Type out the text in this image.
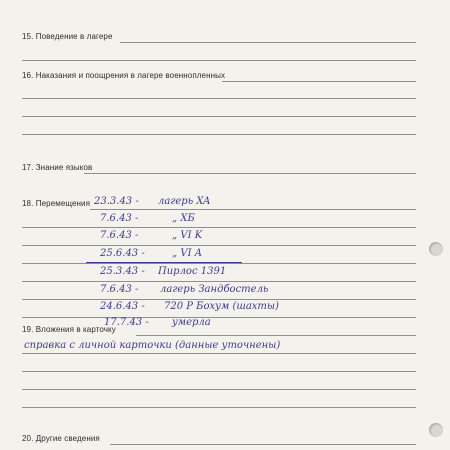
15. Поведение в лагере
16. Наказания и поощрения в лагере военнопленных
17. Знание языков
18. Перемещения 23.3.43 - лагерь XA
7.6.43 -	„ XБ
7.6.43 -	„ VI K
25.6.43 -	„ VI A
25.3.43 - Пирлос 1391
7.6.43 - лагерь Зандбостель
24.6.43 - 720 P Бохум (шахты)
17.7.43 - умерла
19. Вложения в карточку
справка с личной карточки (данные уточнены)
20. Другие сведения
